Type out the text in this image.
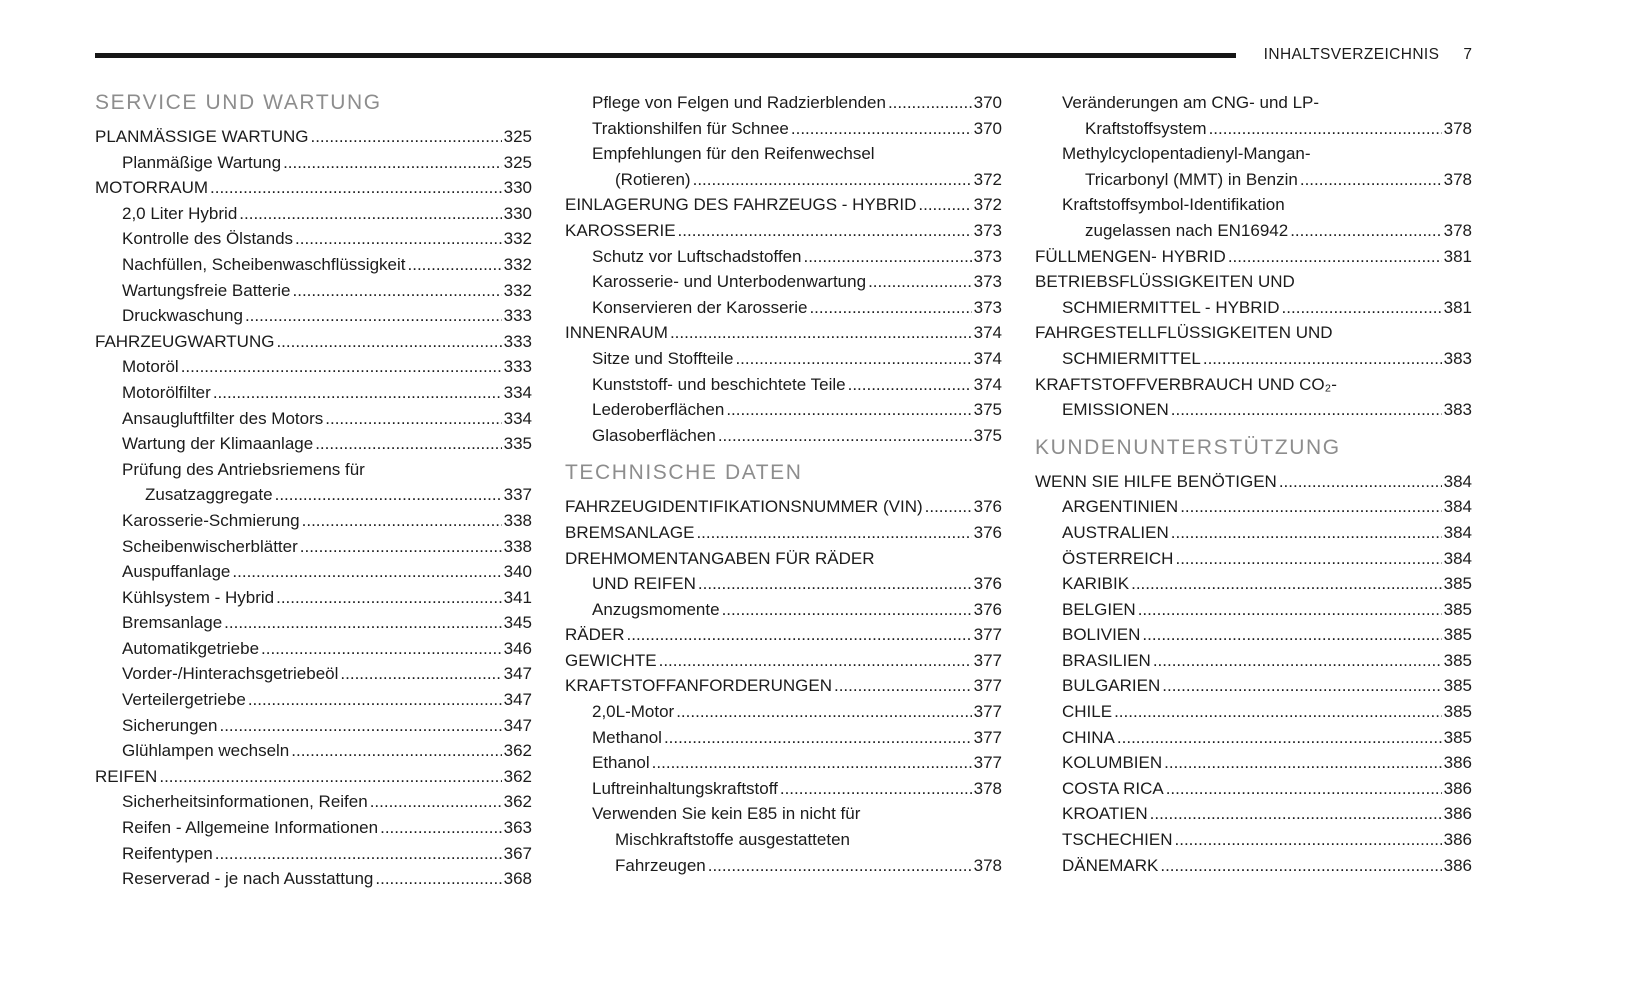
INHALTSVERZEICHNIS 7
SERVICE UND WARTUNG
PLANMÄSSIGE WARTUNG .....	325
Planmäßige Wartung .....	325
MOTORRAUM .....	330
2,0 Liter Hybrid .....	330
Kontrolle des Ölstands .....	332
Nachfüllen, Scheibenwaschflüssigkeit .....	332
Wartungsfreie Batterie .....	332
Druckwaschung .....	333
FAHRZEUGWARTUNG .....	333
Motoröl .....	333
Motorölfilter .....	334
Ansaugluftfilter des Motors .....	334
Wartung der Klimaanlage .....	335
Prüfung des Antriebsriemens für
Zusatzaggregate .....	337
Karosserie-Schmierung .....	338
Scheibenwischerblätter .....	338
Auspuffanlage .....	340
Kühlsystem - Hybrid .....	341
Bremsanlage .....	345
Automatikgetriebe .....	346
Vorder-/Hinterachsgetriebeöl .....	347
Verteilergetriebe .....	347
Sicherungen .....	347
Glühlampen wechseln .....	362
REIFEN .....	362
Sicherheitsinformationen, Reifen .....	362
Reifen - Allgemeine Informationen .....	363
Reifentypen .....	367
Reserverad - je nach Ausstattung .....	368
Pflege von Felgen und Radzierblenden .....	370
Traktionshilfen für Schnee .....	370
Empfehlungen für den Reifenwechsel
(Rotieren) .....	372
EINLAGERUNG DES FAHRZEUGS - HYBRID .....	372
KAROSSERIE .....	373
Schutz vor Luftschadstoffen .....	373
Karosserie- und Unterbodenwartung .....	373
Konservieren der Karosserie .....	373
INNENRAUM .....	374
Sitze und Stoffteile .....	374
Kunststoff- und beschichtete Teile .....	374
Lederoberflächen .....	375
Glasoberflächen .....	375
TECHNISCHE DATEN
FAHRZEUGIDENTIFIKATIONSNUMMER (VIN) .....	376
BREMSANLAGE .....	376
DREHMOMENTANGABEN FÜR RÄDER
UND REIFEN .....	376
Anzugsmomente .....	376
RÄDER .....	377
GEWICHTE .....	377
KRAFTSTOFFANFORDERUNGEN .....	377
2,0L-Motor .....	377
Methanol .....	377
Ethanol .....	377
Luftreinhaltungskraftstoff .....	378
Verwenden Sie kein E85 in nicht für
Mischkraftstoffe ausgestatteten
Fahrzeugen .....	378
Veränderungen am CNG- und LP-
Kraftstoffsystem .....	378
Methylcyclopentadienyl-Mangan-
Tricarbonyl (MMT) in Benzin .....	378
Kraftstoffsymbol-Identifikation
zugelassen nach EN16942 .....	378
FÜLLMENGEN- HYBRID .....	381
BETRIEBSFLÜSSIGKEITEN UND
SCHMIERMITTEL - HYBRID .....	381
FAHRGESTELLFLÜSSIGKEITEN UND
SCHMIERMITTEL .....	383
KRAFTSTOFFVERBRAUCH UND CO₂-
EMISSIONEN .....	383
KUNDENUNTERSTÜTZUNG
WENN SIE HILFE BENÖTIGEN .....	384
ARGENTINIEN .....	384
AUSTRALIEN .....	384
ÖSTERREICH .....	384
KARIBIK .....	385
BELGIEN .....	385
BOLIVIEN .....	385
BRASILIEN .....	385
BULGARIEN .....	385
CHILE .....	385
CHINA .....	385
KOLUMBIEN .....	386
COSTA RICA .....	386
KROATIEN .....	386
TSCHECHIEN .....	386
DÄNEMARK .....	386
